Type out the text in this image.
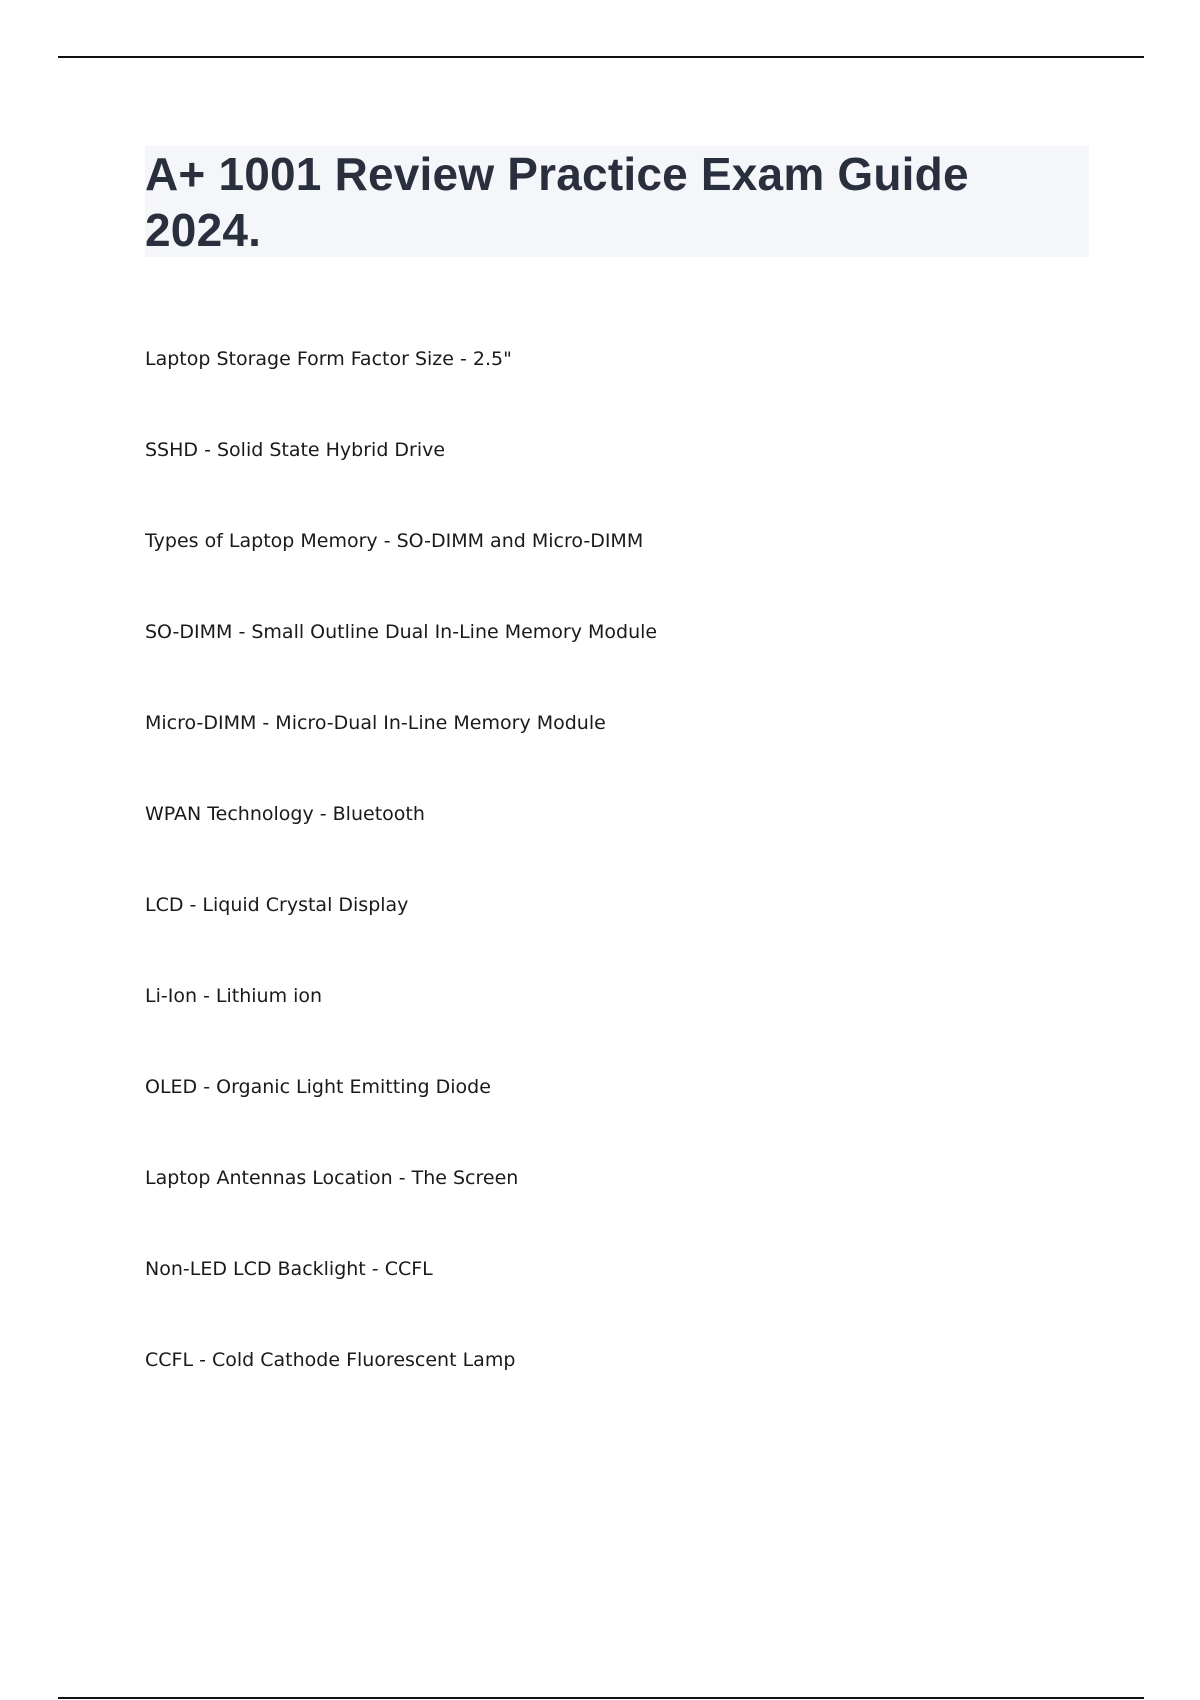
A+ 1001 Review Practice Exam Guide 2024.
Laptop Storage Form Factor Size - 2.5"
SSHD - Solid State Hybrid Drive
Types of Laptop Memory - SO-DIMM and Micro-DIMM
SO-DIMM - Small Outline Dual In-Line Memory Module
Micro-DIMM - Micro-Dual In-Line Memory Module
WPAN Technology - Bluetooth
LCD - Liquid Crystal Display
Li-Ion - Lithium ion
OLED - Organic Light Emitting Diode
Laptop Antennas Location - The Screen
Non-LED LCD Backlight - CCFL
CCFL - Cold Cathode Fluorescent Lamp
